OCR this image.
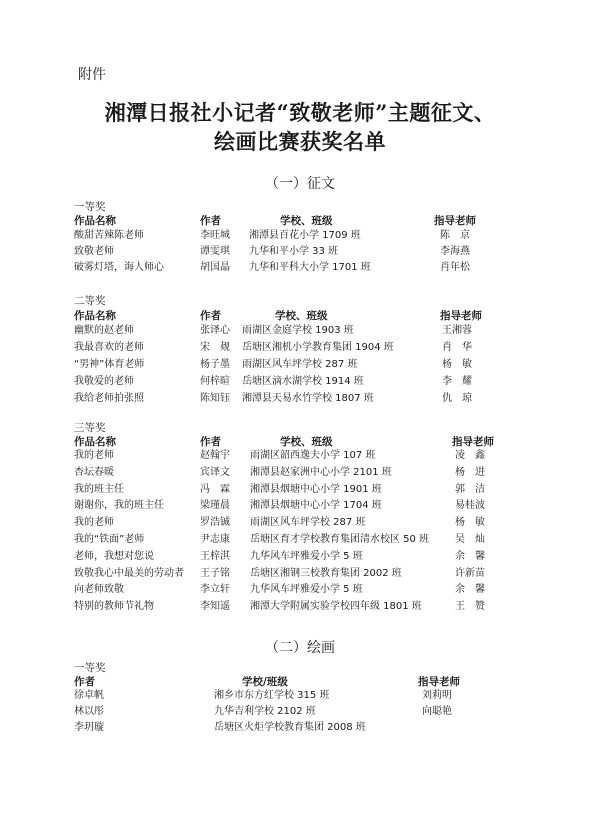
附件
湘潭日报社小记者“致敬老师”主题征文、
绘画比赛获奖名单
（一）征文
一等奖
作品名称	作者	学校、班级	指导老师
酸甜苦辣陈老师	李旺城 湘潭县百花小学 1709 班	陈　京
致敬老师	谭雯琪 九华和平小学 33 班	李海燕
破雾灯塔，诲人师心	胡国晶 九华和平科大小学 1701 班	肖年松
二等奖
作品名称	作者	学校、班级	指导老师
幽默的赵老师	张译心 雨湖区金庭学校 1903 班	王湘蓉
我最喜欢的老师	宋　觌 岳塘区湘机小学教育集团 1904 班	肖　华
“男神”体育老师	杨子墨 雨湖区风车坪学校 287 班	杨　敏
我敬爱的老师	何梓暄 岳塘区滴水湖学校 1914 班	李　耀
我给老师拍张照	陈知钰 湘潭县天易水竹学校 1807 班	仇　琼
三等奖
作品名称	作者	学校、班级	指导老师
我的老师	赵翰宇 雨湖区韶西逸夫小学 107 班	凌　鑫
杏坛春暖	宾译文 湘潭县赵家洲中心小学 2101 班	杨　进
我的班主任	冯　霖 湘潭县烟塘中心小学 1901 班	郭　洁
谢谢你，我的班主任	梁瑾晨 湘潭县烟塘中心小学 1704 班	易桂波
我的老师	罗浩铖 雨湖区风车坪学校 287 班	杨　敏
我的“铁面”老师	尹志康 岳塘区育才学校教育集团清水校区 50 班	吴　灿
老师，我想对您说	王梓淇 九华风车坪雅爱小学 5 班	余　馨
致敬我心中最美的劳动者 王子铭 岳塘区湘钢三校教育集团 2002 班	许新苗
向老师致敬	李立轩 九华风车坪雅爱小学 5 班	余　馨
特别的教师节礼物	李知遥 湘潭大学附属实验学校四年级 1801 班	王　赞
（二）绘画
一等奖
作者	学校/班级	指导老师
徐卓帆	湘乡市东方红学校 315 班	刘莉明
林以彤	九华吉利学校 2102 班	向聪艳
李玥璇	岳塘区火炬学校教育集团 2008 班
